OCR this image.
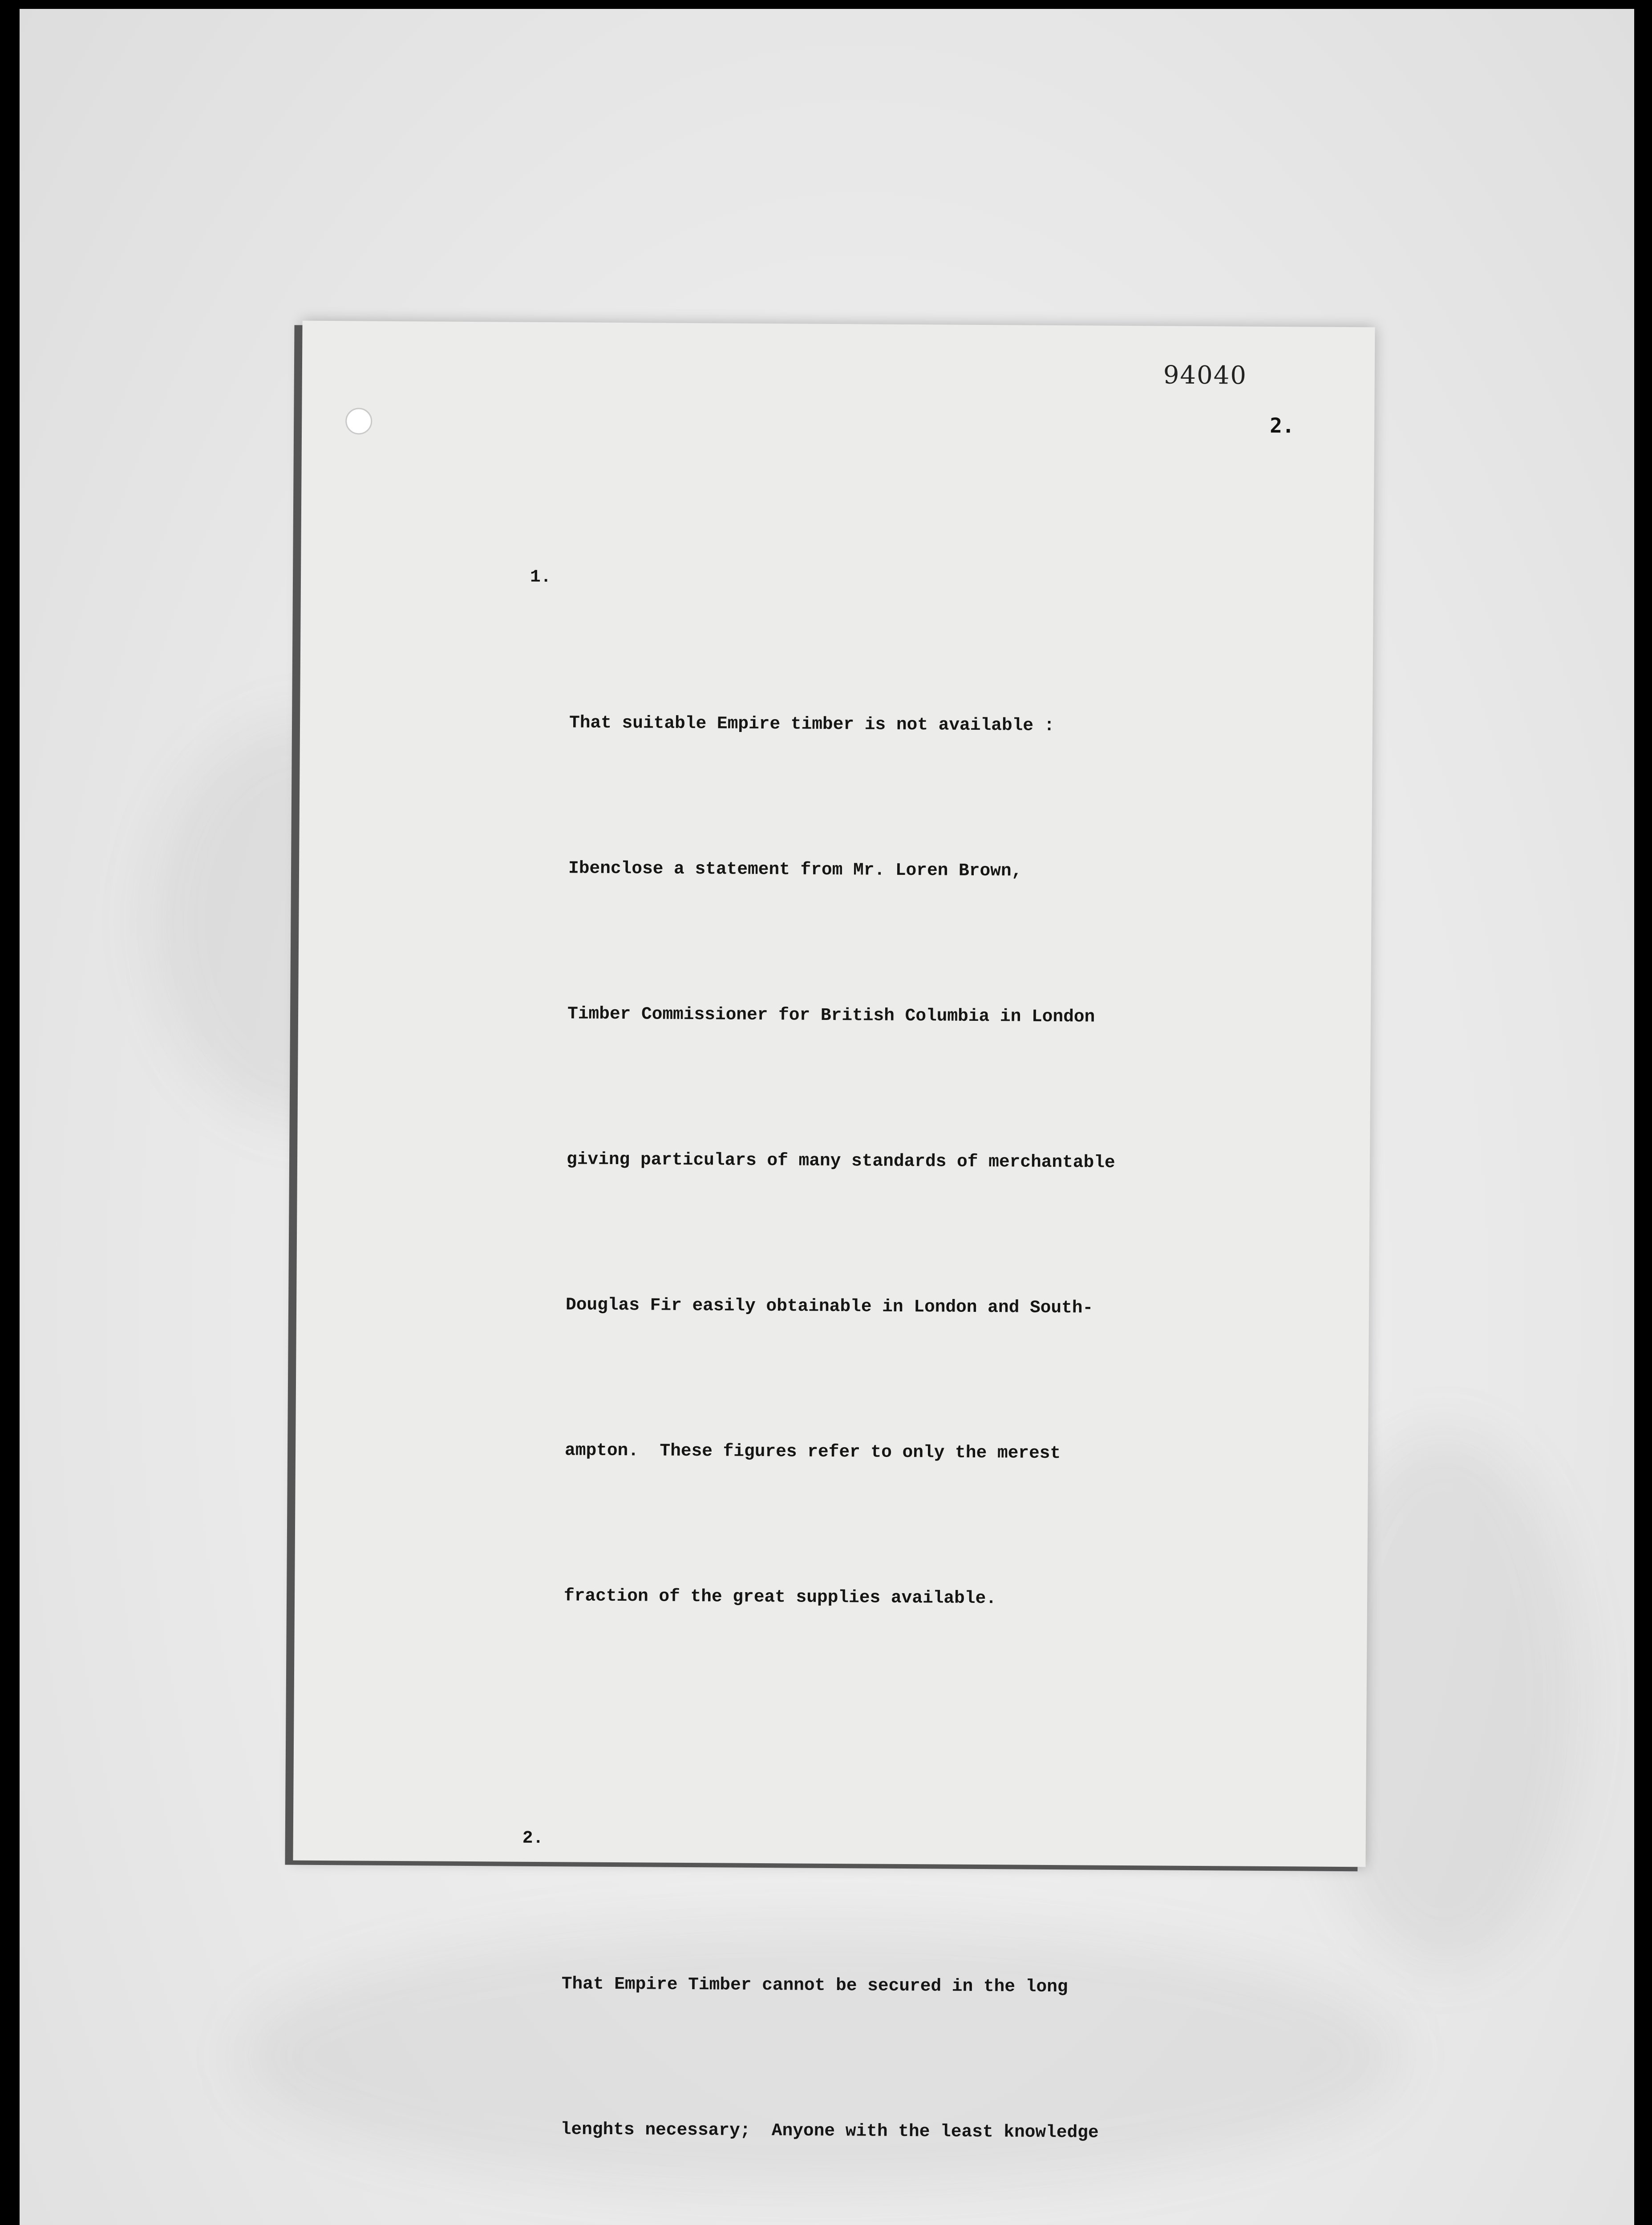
94040
2.

1.

That suitable Empire timber is not available :

Ibenclose a statement from Mr. Loren Brown,

Timber Commissioner for British Columbia in London

giving particulars of many standards of merchantable

Douglas Fir easily obtainable in London and South-

ampton.  These figures refer to only the merest

fraction of the great supplies available.

2.

That Empire Timber cannot be secured in the long

lenghts necessary;  Anyone with the least knowledge
